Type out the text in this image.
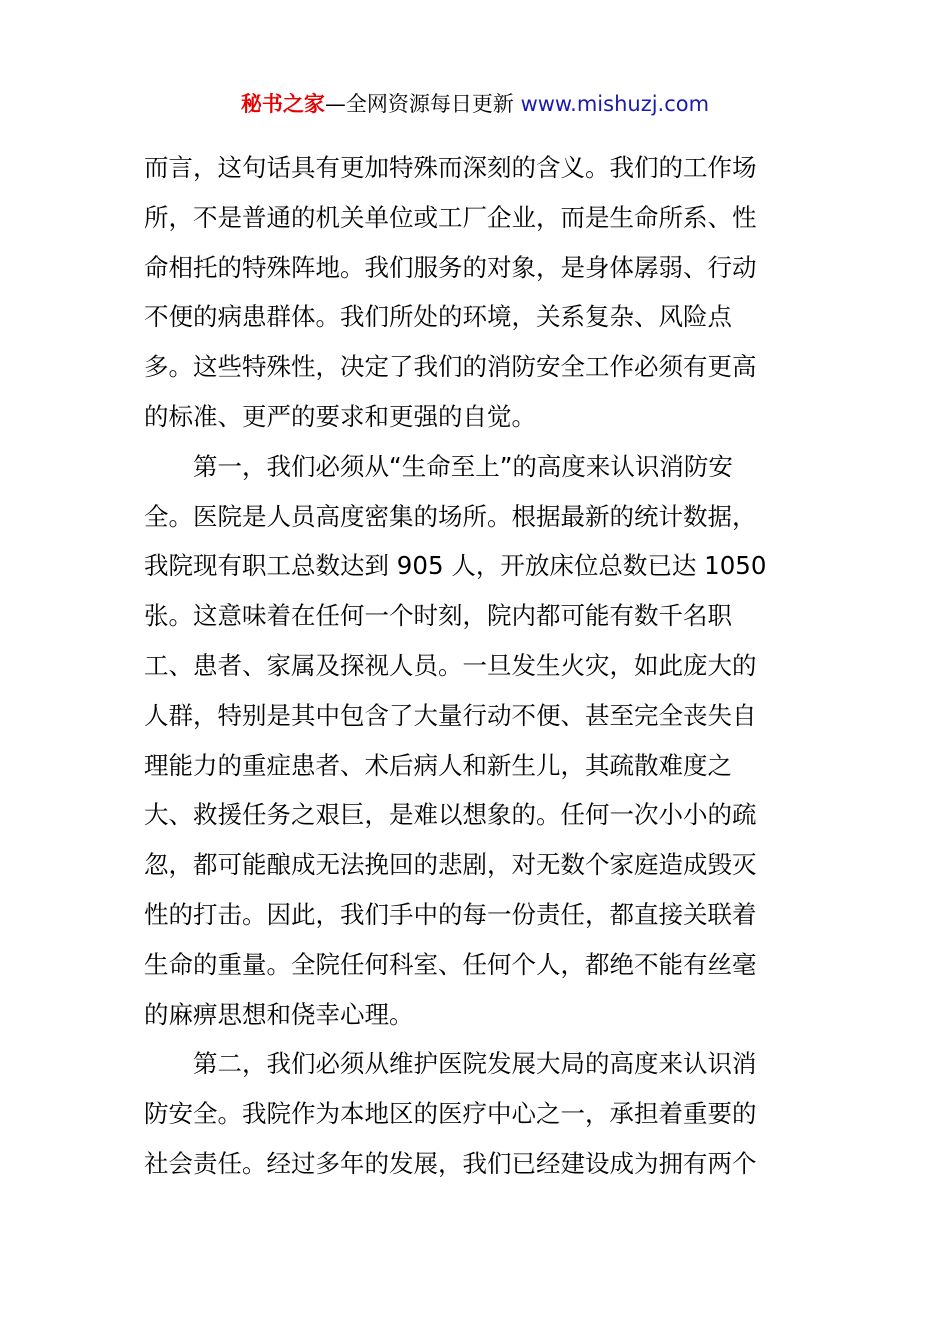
秘书之家—全网资源每日更新 www.mishuzj.com
而言，这句话具有更加特殊而深刻的含义。我们的工作场
所，不是普通的机关单位或工厂企业，而是生命所系、性
命相托的特殊阵地。我们服务的对象，是身体孱弱、行动
不便的病患群体。我们所处的环境，关系复杂、风险点
多。这些特殊性，决定了我们的消防安全工作必须有更高
的标准、更严的要求和更强的自觉。
　　第一，我们必须从“生命至上”的高度来认识消防安
全。医院是人员高度密集的场所。根据最新的统计数据，
我院现有职工总数达到 905 人，开放床位总数已达 1050
张。这意味着在任何一个时刻，院内都可能有数千名职
工、患者、家属及探视人员。一旦发生火灾，如此庞大的
人群，特别是其中包含了大量行动不便、甚至完全丧失自
理能力的重症患者、术后病人和新生儿，其疏散难度之
大、救援任务之艰巨，是难以想象的。任何一次小小的疏
忽，都可能酿成无法挽回的悲剧，对无数个家庭造成毁灭
性的打击。因此，我们手中的每一份责任，都直接关联着
生命的重量。全院任何科室、任何个人，都绝不能有丝毫
的麻痹思想和侥幸心理。
　　第二，我们必须从维护医院发展大局的高度来认识消
防安全。我院作为本地区的医疗中心之一，承担着重要的
社会责任。经过多年的发展，我们已经建设成为拥有两个
